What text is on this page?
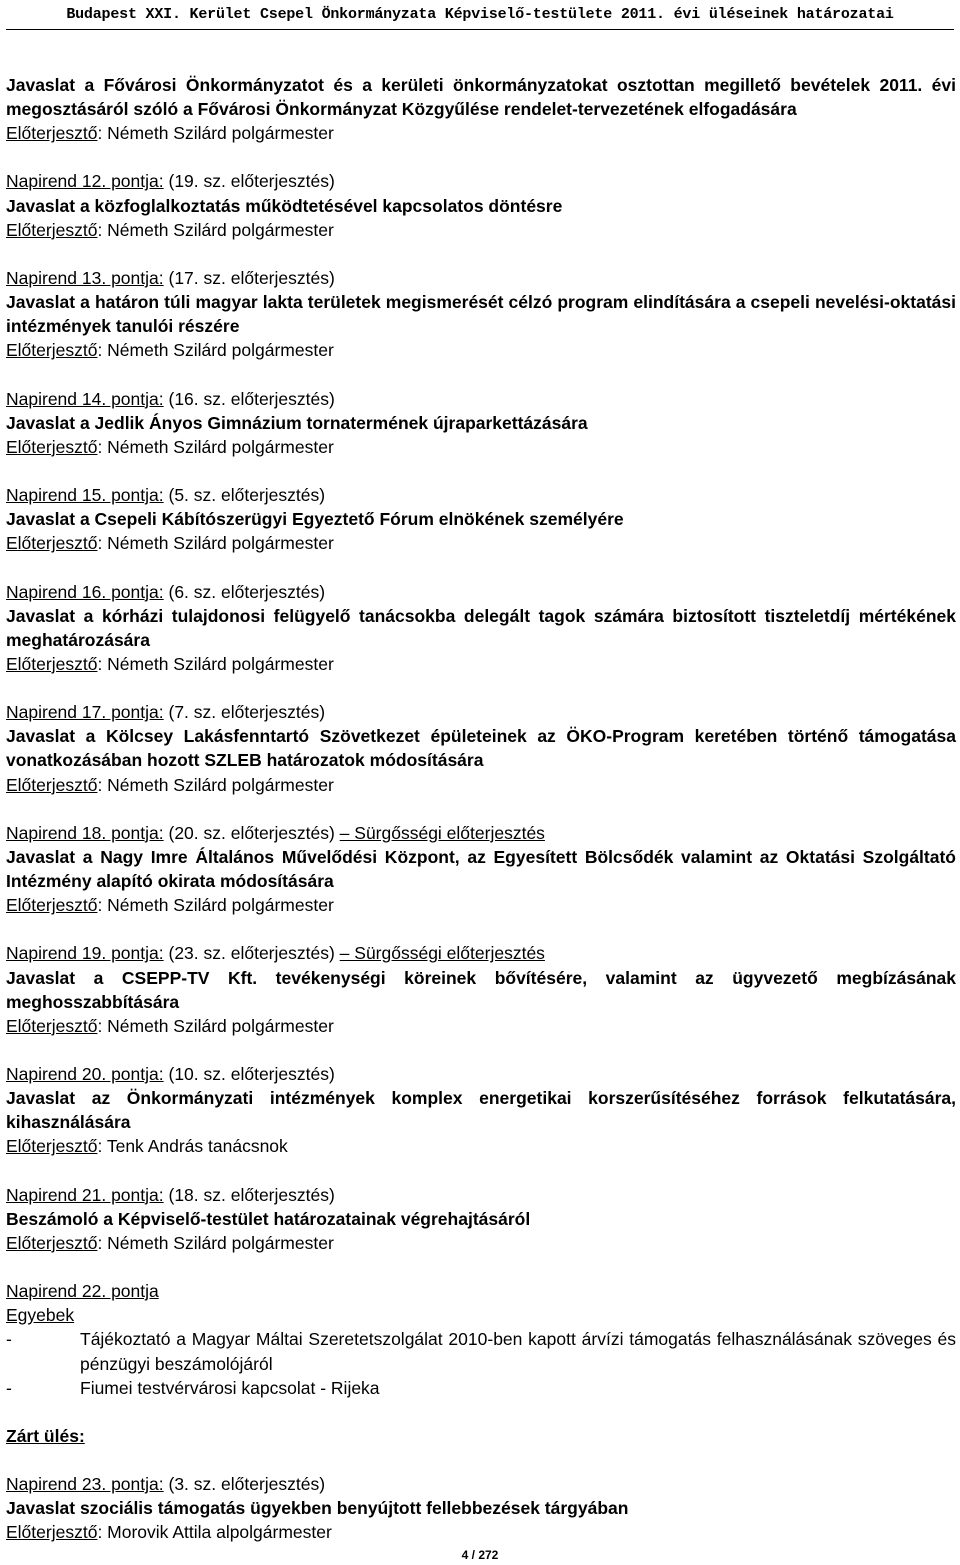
Budapest XXI. Kerület Csepel Önkormányzata Képviselő-testülete 2011. évi üléseinek határozatai
Javaslat a Fővárosi Önkormányzatot és a kerületi önkormányzatokat osztottan megillető bevételek 2011. évi megosztásáról szóló a Fővárosi Önkormányzat Közgyűlése rendelet-tervezetének elfogadására
Előterjesztő: Németh Szilárd polgármester
Napirend 12. pontja: (19. sz. előterjesztés)
Javaslat a közfoglalkoztatás működtetésével kapcsolatos döntésre
Előterjesztő: Németh Szilárd polgármester
Napirend 13. pontja: (17. sz. előterjesztés)
Javaslat a határon túli magyar lakta területek megismerését célzó program elindítására a csepeli nevelési-oktatási intézmények tanulói részére
Előterjesztő: Németh Szilárd polgármester
Napirend 14. pontja: (16. sz. előterjesztés)
Javaslat a Jedlik Ányos Gimnázium tornatermének újraparkettázására
Előterjesztő: Németh Szilárd polgármester
Napirend 15. pontja: (5. sz. előterjesztés)
Javaslat a Csepeli Kábítószerügyi Egyeztető Fórum elnökének személyére
Előterjesztő: Németh Szilárd polgármester
Napirend 16. pontja: (6. sz. előterjesztés)
Javaslat a kórházi tulajdonosi felügyelő tanácsokba delegált tagok számára biztosított tiszteletdíj mértékének meghatározására
Előterjesztő: Németh Szilárd polgármester
Napirend 17. pontja: (7. sz. előterjesztés)
Javaslat a Kölcsey Lakásfenntartó Szövetkezet épületeinek az ÖKO-Program keretében történő támogatása vonatkozásában hozott SZLEB határozatok módosítására
Előterjesztő: Németh Szilárd polgármester
Napirend 18. pontja: (20. sz. előterjesztés) – Sürgősségi előterjesztés
Javaslat a Nagy Imre Általános Művelődési Központ, az Egyesített Bölcsődék valamint az Oktatási Szolgáltató Intézmény alapító okirata módosítására
Előterjesztő: Németh Szilárd polgármester
Napirend 19. pontja: (23. sz. előterjesztés) – Sürgősségi előterjesztés
Javaslat a CSEPP-TV Kft. tevékenységi köreinek bővítésére, valamint az ügyvezető megbízásának meghosszabbítására
Előterjesztő: Németh Szilárd polgármester
Napirend 20. pontja: (10. sz. előterjesztés)
Javaslat az Önkormányzati intézmények komplex energetikai korszerűsítéséhez források felkutatására, kihasználására
Előterjesztő: Tenk András tanácsnok
Napirend 21. pontja: (18. sz. előterjesztés)
Beszámoló a Képviselő-testület határozatainak végrehajtásáról
Előterjesztő: Németh Szilárd polgármester
Napirend 22. pontja
Egyebek
-	Tájékoztató a Magyar Máltai Szeretetszolgálat 2010-ben kapott árvízi támogatás felhasználásának szöveges és pénzügyi beszámolójáról
-	Fiumei testvérvárosi kapcsolat - Rijeka
Zárt ülés:
Napirend 23. pontja: (3. sz. előterjesztés)
Javaslat szociális támogatás ügyekben benyújtott fellebbezések tárgyában
Előterjesztő: Morovik Attila alpolgármester
4 / 272
